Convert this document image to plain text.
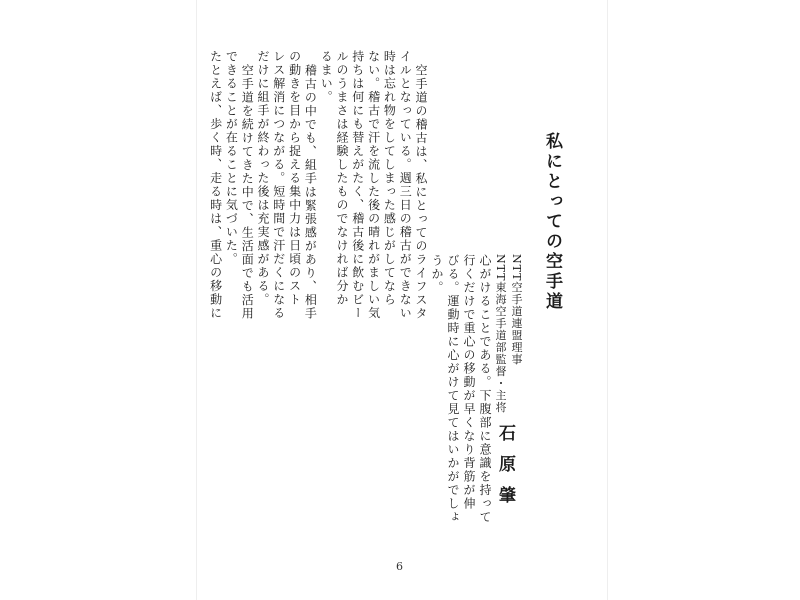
私にとっての空手道
NTT空手道連盟理事
NTT東海空手道部監督・主将
石原肇
心がけることである。下腹部に意識を持って
行くだけで重心の移動が早くなり背筋が伸
びる。運動時に心がけて見てはいかがでしょ
うか。
空手道の稽古は、私にとってのライフスタ
イルとなっている。週三日の稽古ができない
時は忘れ物をしてしまった感じがしてなら
ない。稽古で汗を流した後の晴れがましい気
持ちは何にも替えがたく、稽古後に飲むビー
ルのうまさは経験したものでなければ分か
るまい。
稽古の中でも、組手は緊張感があり、相手
の動きを目から捉える集中力は日頃のスト
レス解消につながる。短時間で汗だくになる
だけに組手が終わった後は充実感がある。
空手道を続けてきた中で、生活面でも活用
できることが在ることに気づいた。
たとえば、歩く時、走る時は、重心の移動に
6
